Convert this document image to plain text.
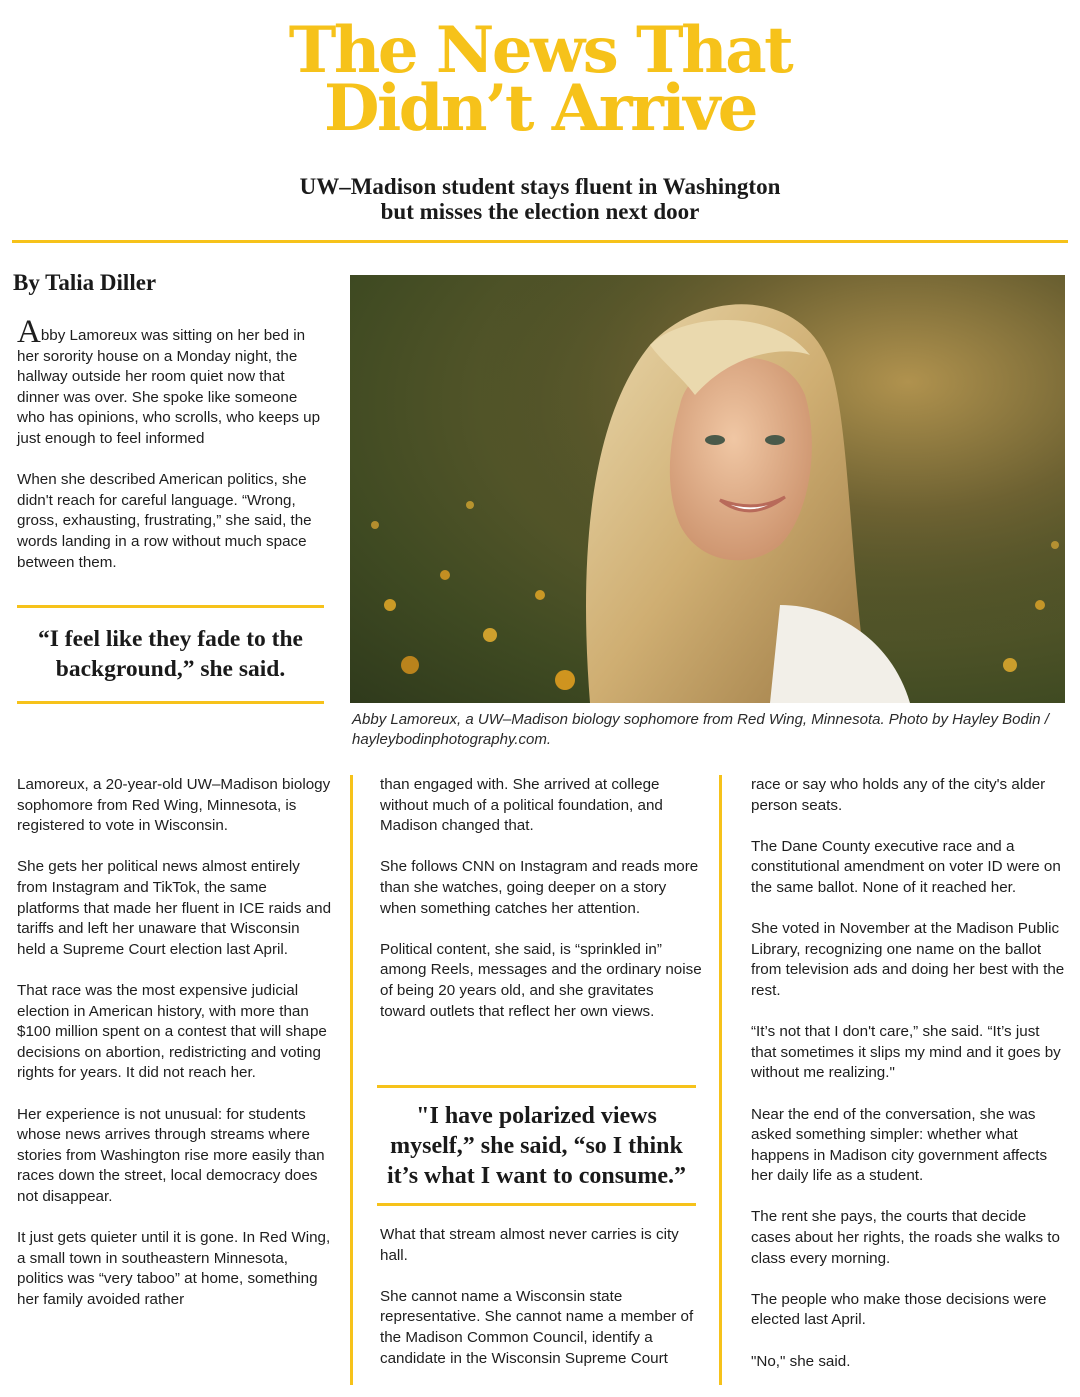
The News That
Didn’t Arrive
UW–Madison student stays fluent in Washington
but misses the election next door
By Talia Diller

Abby Lamoreux was sitting on her bed in her sorority house on a Monday night, the hallway outside her room quiet now that dinner was over. She spoke like someone who has opinions, who scrolls, who keeps up just enough to feel informed

When she described American politics, she didn't reach for careful language. “Wrong, gross, exhausting, frustrating,” she said, the words landing in a row without much space between them.

“I feel like they fade to the background,” she said.
Abby Lamoreux, a UW–Madison biology sophomore from Red Wing, Minnesota. Photo by Hayley Bodin / hayleybodinphotography.com.

Lamoreux, a 20-year-old UW–Madison biology sophomore from Red Wing, Minnesota, is registered to vote in Wisconsin.

She gets her political news almost entirely from Instagram and TikTok, the same platforms that made her fluent in ICE raids and tariffs and left her unaware that Wisconsin held a Supreme Court election last April.

That race was the most expensive judicial election in American history, with more than $100 million spent on a contest that will shape decisions on abortion, redistricting and voting rights for years. It did not reach her.

Her experience is not unusual: for students whose news arrives through streams where stories from Washington rise more easily than races down the street, local democracy does not disappear.

It just gets quieter until it is gone. In Red Wing, a small town in southeastern Minnesota, politics was “very taboo” at home, something her family avoided rather

than engaged with. She arrived at college without much of a political foundation, and Madison changed that.

She follows CNN on Instagram and reads more than she watches, going deeper on a story when something catches her attention.

Political content, she said, is “sprinkled in” among Reels, messages and the ordinary noise of being 20 years old, and she gravitates toward outlets that reflect her own views.

"I have polarized views myself,” she said, “so I think it’s what I want to consume.”

What that stream almost never carries is city hall.

She cannot name a Wisconsin state representative. She cannot name a member of the Madison Common Council, identify a candidate in the Wisconsin Supreme Court

race or say who holds any of the city's alder person seats.

The Dane County executive race and a constitutional amendment on voter ID were on the same ballot. None of it reached her.

She voted in November at the Madison Public Library, recognizing one name on the ballot from television ads and doing her best with the rest.

“It’s not that I don't care,” she said. “It’s just that sometimes it slips my mind and it goes by without me realizing."

Near the end of the conversation, she was asked something simpler: whether what happens in Madison city government affects her daily life as a student.

The rent she pays, the courts that decide cases about her rights, the roads she walks to class every morning.

The people who make those decisions were elected last April.

"No," she said.
